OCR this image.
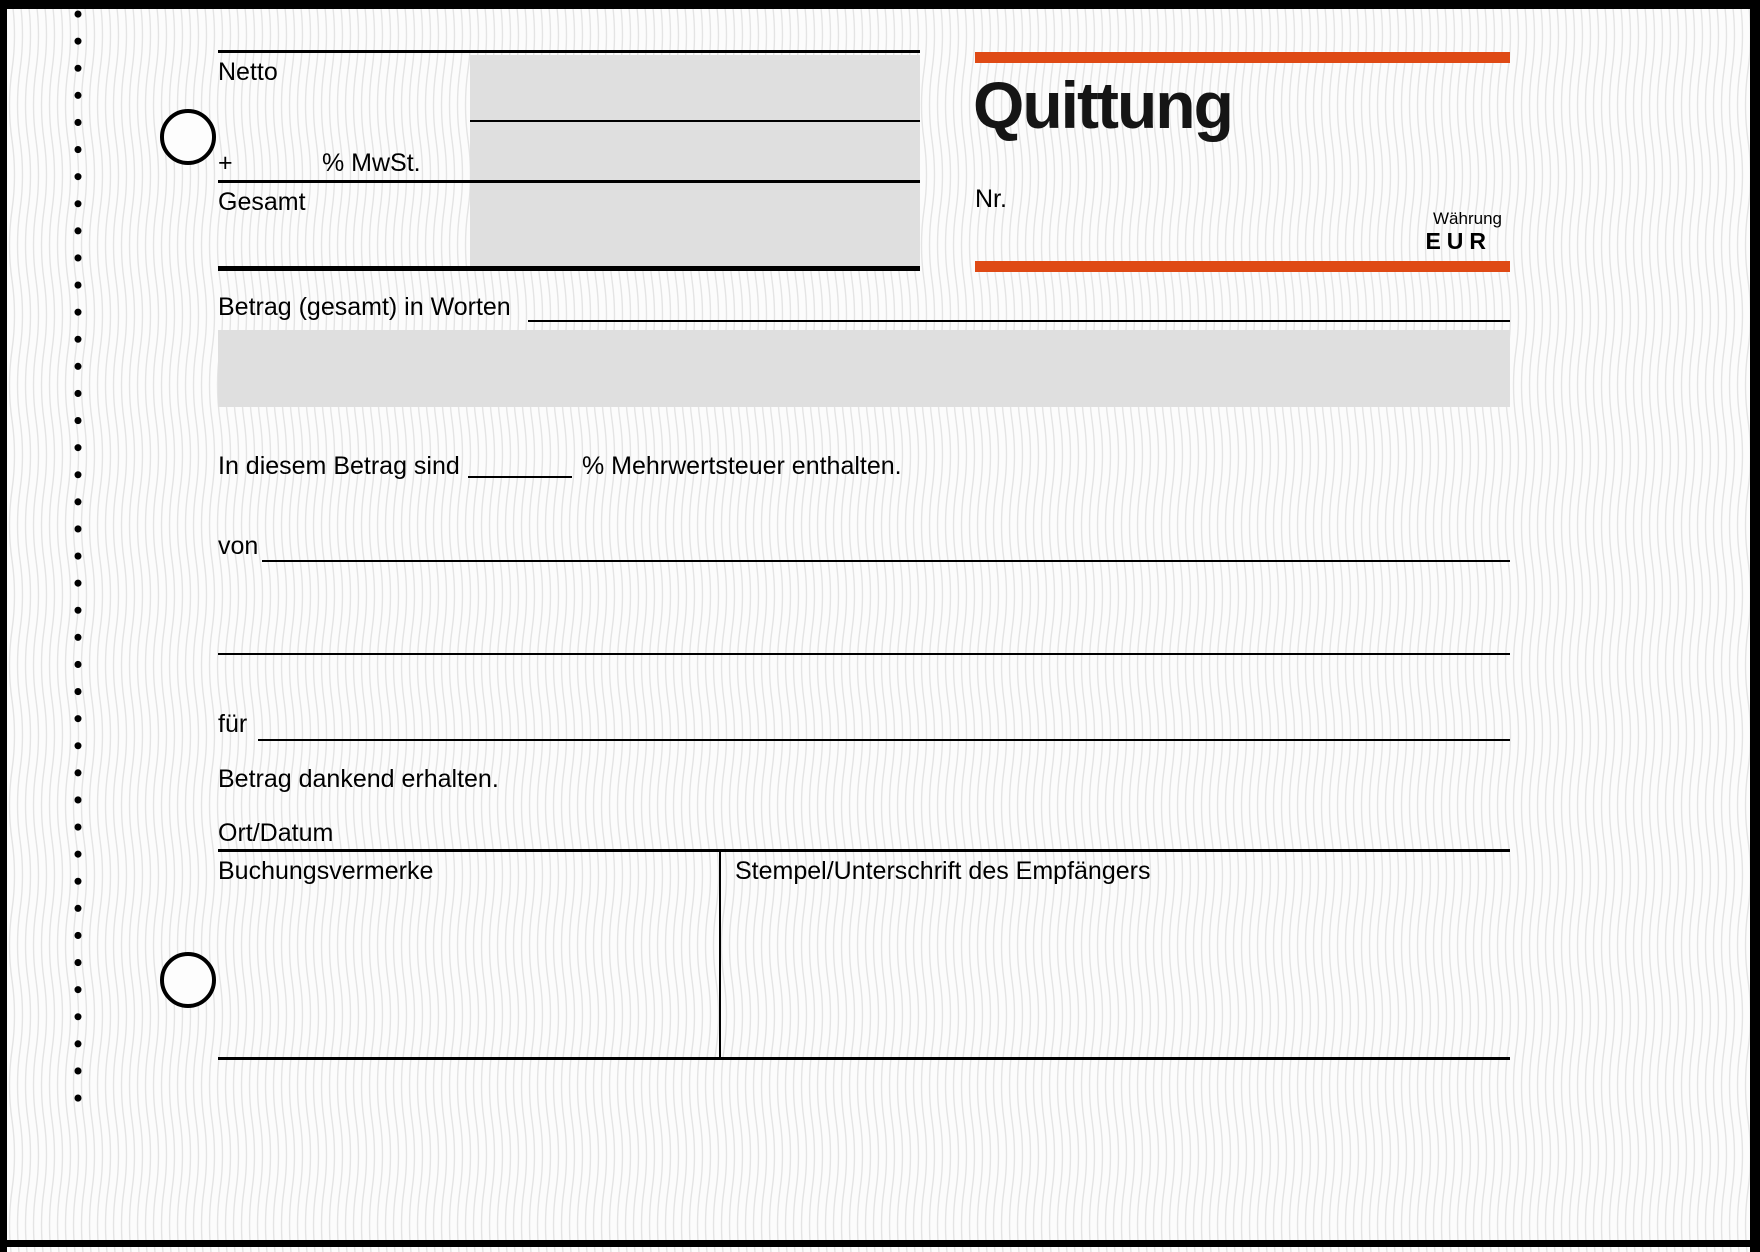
Netto
+	% MwSt.
Gesamt
Quittung
Nr.
Währung
EUR
Betrag (gesamt) in Worten
In diesem Betrag sind	% Mehrwertsteuer enthalten.
von
für
Betrag dankend erhalten.
Ort/Datum
Buchungsvermerke	Stempel/Unterschrift des Empfängers
